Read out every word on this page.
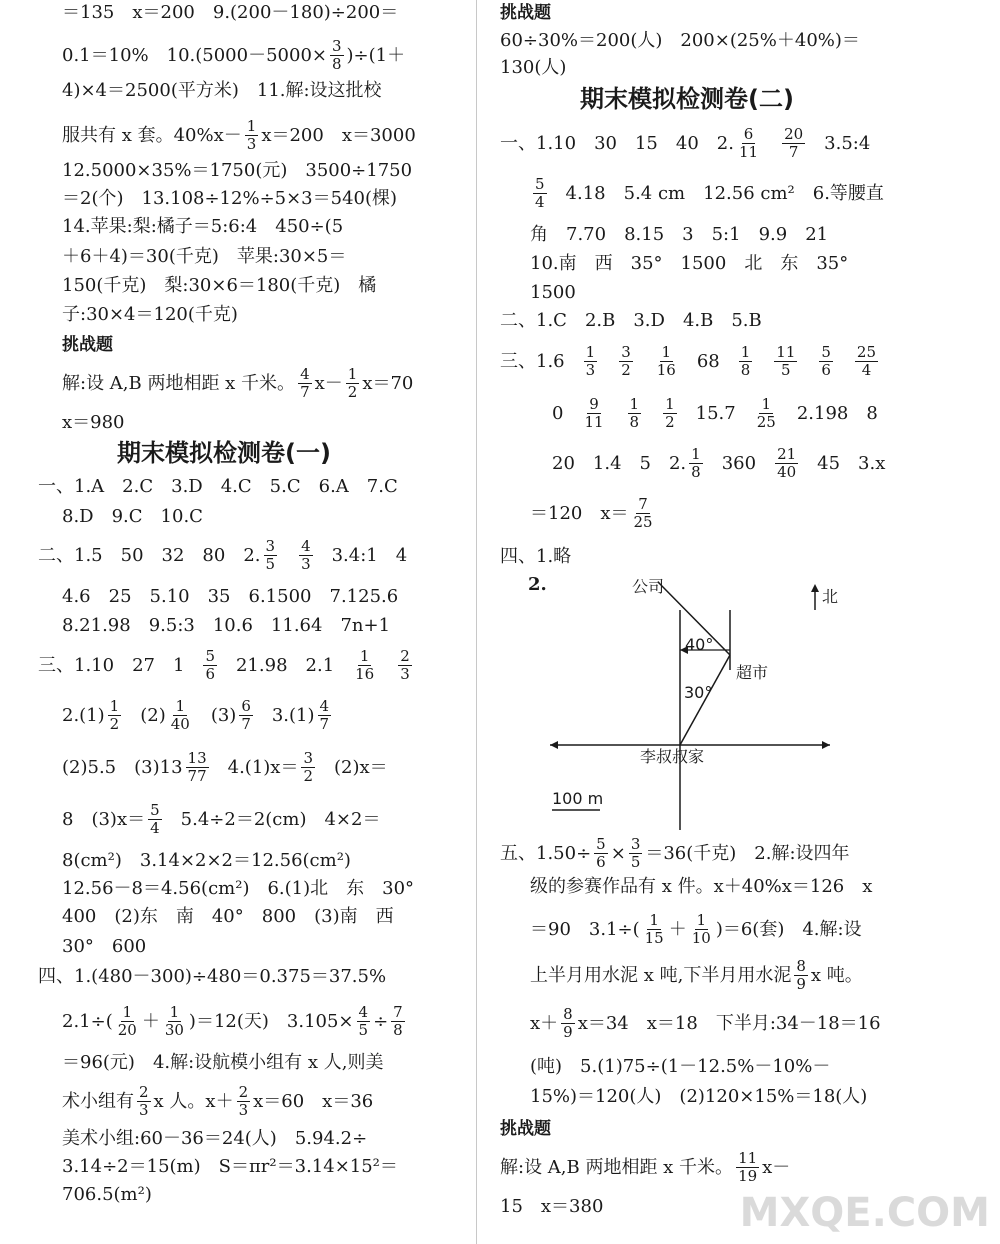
＝135　x＝200　9.(200－180)÷200＝
0.1＝10%　$10.(5000-5000\times \frac{3}{8} )\div(1+$
4)×4＝2500(平方米)　11.解:设这批校
服共有 x 套。$40\%x- \frac{1}{3} x=200$　x＝3000
12.5000×35%＝1750(元)　3500÷1750
＝2(个)　13.108÷12%÷5×3＝540(棵)
14.苹果:梨:橘子＝5:6:4　450÷(5
＋6＋4)＝30(千克)　苹果:30×5＝
150(千克)　梨:30×6＝180(千克)　橘
子:30×4＝120(千克)
挑战题
解:设 A,B 两地相距 x 千米。 $\frac{4}{7} x- \frac{1}{2} x=70$
x＝980
期末模拟检测卷(一)
一、1.A　2.C　3.D　4.C　5.C　6.A　7.C
8.D　9.C　10.C
二、1.5　50　32　80　2. $\frac{3}{5} \frac{4}{3}$ 3.4:1　4
4.6　25　5.10　35　6.1500　7.125.6
8.21.98　9.5:3　10.6　11.64　7n+1
三、1.10　27　$1 \frac{5}{6} 21.98$　$2.1 \frac{1}{16} \frac{2}{3}$
$2.(1) \frac{1}{2} (2) \frac{1}{40} (3) \frac{6}{7} 3.(1) \frac{4}{7}$
(2)5.5　$(3)13 \frac{13}{77} 4.(1)x= \frac{3}{2} (2)x=$
8　$(3)x= \frac{5}{4} 5.4\div 2=2(cm)$　4×2＝
8(cm²)　3.14×2×2＝12.56(cm²)
12.56－8＝4.56(cm²)　6.(1)北　东　30°
400　(2)东　南　40°　800　(3)南　西
30°　600
四、1.(480－300)÷480＝0.375＝37.5%
$2.1\div( \frac{1}{20} + \frac{1}{30} )=12$(天)　$3.105\times \frac{4}{5} \div \frac{7}{8}$
＝96(元)　4.解:设航模小组有 x 人,则美
术小组有 $\frac{2}{3}$ x 人。$x+ \frac{2}{3} x=60$　x＝36
美术小组:60－36＝24(人)　5.94.2÷
3.14÷2＝15(m)　S＝πr²＝3.14×15²＝
706.5(m²)
挑战题
60÷30%＝200(人)　200×(25%＋40%)＝
130(人)
期末模拟检测卷(二)
一、1.10　30　15　40　2. $\frac{6}{11} \frac{20}{7}$ 3.5:4
$\frac{5}{4} 4.18$　5.4 cm　12.56 cm²　6.等腰直
角　7.70　8.15　3　5:1　9.9　21
10.南　西　35°　1500　北　东　35°
1500
二、1.C　2.B　3.D　4.B　5.B
三、$1.6 \frac{1}{3} \frac{3}{2} \frac{1}{16} 68 \frac{1}{8} \frac{11}{5} \frac{5}{6} \frac{25}{4}$
$0 \frac{9}{11} \frac{1}{8} \frac{1}{2} 15.7 \frac{1}{25} 2.198$　8
20　1.4　5　2. $\frac{1}{8} 360 \frac{21}{40} 45$　3.x
＝120　$x= \frac{7}{25}$
四、1.略
2.
五、$1.50\div \frac{5}{6} \times \frac{3}{5} =36$(千克)　2.解:设四年
级的参赛作品有 x 件。x＋40%x＝126　x
＝90　$3.1\div( \frac{1}{15} + \frac{1}{10} )=6$(套)　4.解:设
上半月用水泥 x 吨,下半月用水泥 $\frac{8}{9}$ x 吨。
$x+ \frac{8}{9} x=34$　x＝18　下半月:34－18＝16
(吨)　5.(1)75÷(1－12.5%－10%－
15%)＝120(人)　(2)120×15%＝18(人)
挑战题
解:设 A,B 两地相距 x 千米。 $\frac{11}{19} x-$
15　x＝380
北
公司
40°
超市
30°
李叔叔家
100 m
MXQE.COM
